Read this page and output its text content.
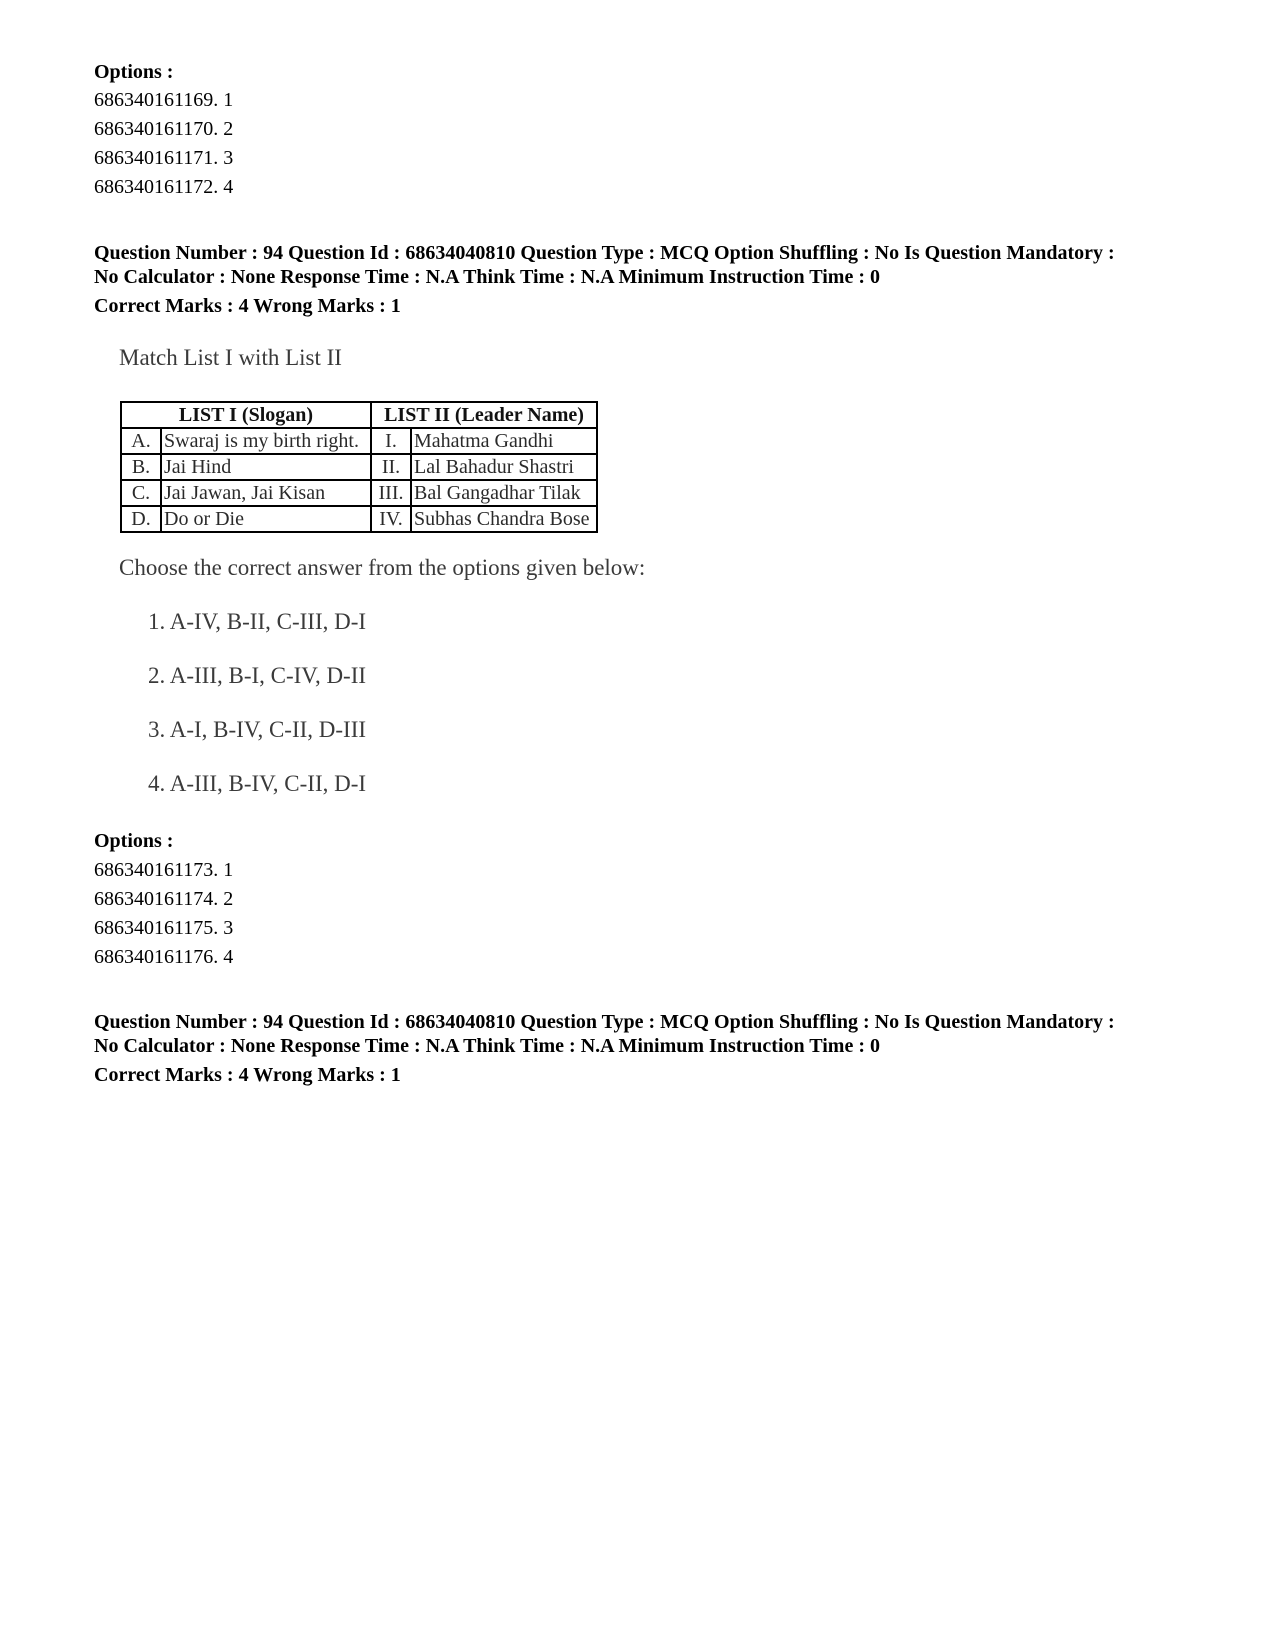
Options :
686340161169. 1
686340161170. 2
686340161171. 3
686340161172. 4
Question Number : 94 Question Id : 68634040810 Question Type : MCQ Option Shuffling : No Is Question Mandatory :
No Calculator : None Response Time : N.A Think Time : N.A Minimum Instruction Time : 0
Correct Marks : 4 Wrong Marks : 1
Match List I with List II
LIST I (Slogan)		LIST II (Leader Name)	
A.	Swaraj is my birth right.	I.	Mahatma Gandhi
B.	Jai Hind	II.	Lal Bahadur Shastri
C.	Jai Jawan, Jai Kisan	III.	Bal Gangadhar Tilak
D.	Do or Die	IV.	Subhas Chandra Bose
Choose the correct answer from the options given below:
1. A-IV, B-II, C-III, D-I
2. A-III, B-I, C-IV, D-II
3. A-I, B-IV, C-II, D-III
4. A-III, B-IV, C-II, D-I
Options :
686340161173. 1
686340161174. 2
686340161175. 3
686340161176. 4
Question Number : 94 Question Id : 68634040810 Question Type : MCQ Option Shuffling : No Is Question Mandatory :
No Calculator : None Response Time : N.A Think Time : N.A Minimum Instruction Time : 0
Correct Marks : 4 Wrong Marks : 1
